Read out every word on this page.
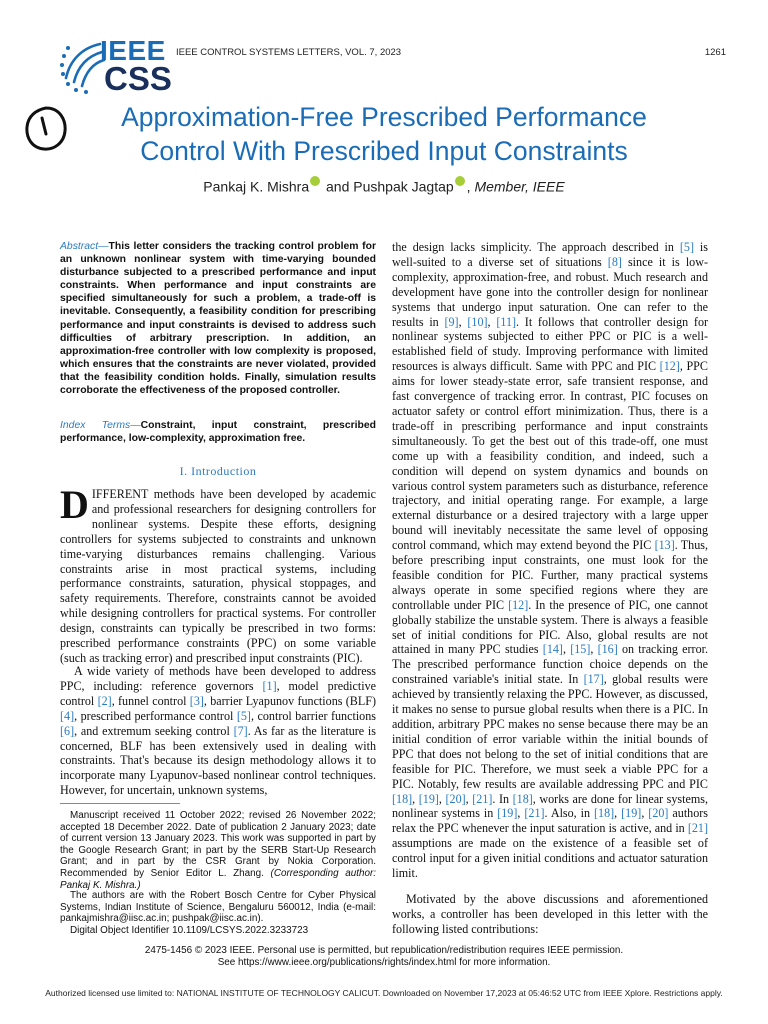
IEEE
CSS
IEEE CONTROL SYSTEMS LETTERS, VOL. 7, 2023	1261
Approximation-Free Prescribed Performance
Control With Prescribed Input Constraints
Pankaj K. Mishra and Pushpak Jagtap , Member, IEEE
Abstract—This letter considers the tracking control problem for an unknown nonlinear system with time-varying bounded disturbance subjected to a prescribed performance and input constraints. When performance and input constraints are specified simultaneously for such a problem, a trade-off is inevitable. Consequently, a feasibility condition for prescribing performance and input constraints is devised to address such difficulties of arbitrary prescription. In addition, an approximation-free controller with low complexity is proposed, which ensures that the constraints are never violated, provided that the feasibility condition holds. Finally, simulation results corroborate the effectiveness of the proposed controller.
Index Terms—Constraint, input constraint, prescribed performance, low-complexity, approximation free.
I. Introduction
DIFFERENT methods have been developed by academic and professional researchers for designing controllers for nonlinear systems. Despite these efforts, designing controllers for systems subjected to constraints and unknown time-varying disturbances remains challenging. Various constraints arise in most practical systems, including performance constraints, saturation, physical stoppages, and safety requirements. Therefore, constraints cannot be avoided while designing controllers for practical systems. For controller design, constraints can typically be prescribed in two forms: prescribed performance constraints (PPC) on some variable (such as tracking error) and prescribed input constraints (PIC).
A wide variety of methods have been developed to address PPC, including: reference governors [1], model predictive control [2], funnel control [3], barrier Lyapunov functions (BLF) [4], prescribed performance control [5], control barrier functions [6], and extremum seeking control [7]. As far as the literature is concerned, BLF has been extensively used in dealing with constraints. That's because its design methodology allows it to incorporate many Lyapunov-based nonlinear control techniques. However, for uncertain, unknown systems,
Manuscript received 11 October 2022; revised 26 November 2022; accepted 18 December 2022. Date of publication 2 January 2023; date of current version 13 January 2023. This work was supported in part by the Google Research Grant; in part by the SERB Start-Up Research Grant; and in part by the CSR Grant by Nokia Corporation. Recommended by Senior Editor L. Zhang. (Corresponding author: Pankaj K. Mishra.)
The authors are with the Robert Bosch Centre for Cyber Physical Systems, Indian Institute of Science, Bengaluru 560012, India (e-mail: pankajmishra@iisc.ac.in; pushpak@iisc.ac.in).
Digital Object Identifier 10.1109/LCSYS.2022.3233723
the design lacks simplicity. The approach described in [5] is well-suited to a diverse set of situations [8] since it is low-complexity, approximation-free, and robust. Much research and development have gone into the controller design for nonlinear systems that undergo input saturation. One can refer to the results in [9], [10], [11]. It follows that controller design for nonlinear systems subjected to either PPC or PIC is a well-established field of study. Improving performance with limited resources is always difficult. Same with PPC and PIC [12], PPC aims for lower steady-state error, safe transient response, and fast convergence of tracking error. In contrast, PIC focuses on actuator safety or control effort minimization. Thus, there is a trade-off in prescribing performance and input constraints simultaneously. To get the best out of this trade-off, one must come up with a feasibility condition, and indeed, such a condition will depend on system dynamics and bounds on various control system parameters such as disturbance, reference trajectory, and initial operating range. For example, a large external disturbance or a desired trajectory with a large upper bound will inevitably necessitate the same level of opposing control command, which may extend beyond the PIC [13]. Thus, before prescribing input constraints, one must look for the feasible condition for PIC. Further, many practical systems always operate in some specified regions where they are controllable under PIC [12]. In the presence of PIC, one cannot globally stabilize the unstable system. There is always a feasible set of initial conditions for PIC. Also, global results are not attained in many PPC studies [14], [15], [16] on tracking error. The prescribed performance function choice depends on the constrained variable's initial state. In [17], global results were achieved by transiently relaxing the PPC. However, as discussed, it makes no sense to pursue global results when there is a PIC. In addition, arbitrary PPC makes no sense because there may be an initial condition of error variable within the initial bounds of PPC that does not belong to the set of initial conditions that are feasible for PIC. Therefore, we must seek a viable PPC for a PIC. Notably, few results are available addressing PPC and PIC [18], [19], [20], [21]. In [18], works are done for linear systems, nonlinear systems in [19], [21]. Also, in [18], [19], [20] authors relax the PPC whenever the input saturation is active, and in [21] assumptions are made on the existence of a feasible set of control input for a given initial conditions and actuator saturation limit.
Motivated by the above discussions and aforementioned works, a controller has been developed in this letter with the following listed contributions:
2475-1456 © 2023 IEEE. Personal use is permitted, but republication/redistribution requires IEEE permission.
See https://www.ieee.org/publications/rights/index.html for more information.
Authorized licensed use limited to: NATIONAL INSTITUTE OF TECHNOLOGY CALICUT. Downloaded on November 17,2023 at 05:46:52 UTC from IEEE Xplore. Restrictions apply.
